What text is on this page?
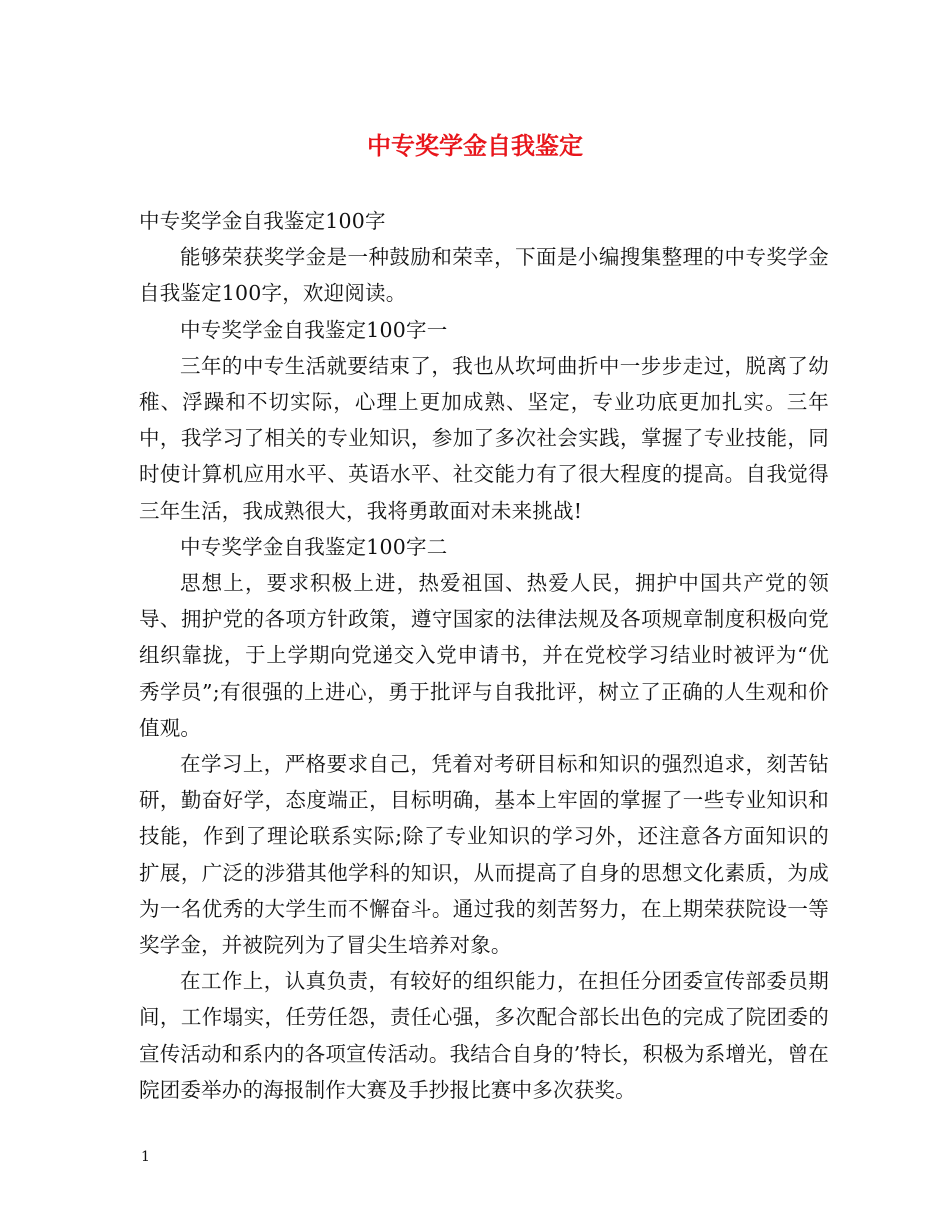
中专奖学金自我鉴定

中专奖学金自我鉴定100字

能够荣获奖学金是一种鼓励和荣幸，下面是小编搜集整理的中专奖学金自我鉴定100字，欢迎阅读。

中专奖学金自我鉴定100字一

三年的中专生活就要结束了，我也从坎坷曲折中一步步走过，脱离了幼稚、浮躁和不切实际，心理上更加成熟、坚定，专业功底更加扎实。三年中，我学习了相关的专业知识，参加了多次社会实践，掌握了专业技能，同时使计算机应用水平、英语水平、社交能力有了很大程度的提高。自我觉得三年生活，我成熟很大，我将勇敢面对未来挑战!

中专奖学金自我鉴定100字二

思想上，要求积极上进，热爱祖国、热爱人民，拥护中国共产党的领导、拥护党的各项方针政策，遵守国家的法律法规及各项规章制度积极向党组织靠拢，于上学期向党递交入党申请书，并在党校学习结业时被评为“优秀学员”;有很强的上进心，勇于批评与自我批评，树立了正确的人生观和价值观。

在学习上，严格要求自己，凭着对考研目标和知识的强烈追求，刻苦钻研，勤奋好学，态度端正，目标明确，基本上牢固的掌握了一些专业知识和技能，作到了理论联系实际;除了专业知识的学习外，还注意各方面知识的扩展，广泛的涉猎其他学科的知识，从而提高了自身的思想文化素质，为成为一名优秀的大学生而不懈奋斗。通过我的刻苦努力，在上期荣获院设一等奖学金，并被院列为了冒尖生培养对象。

在工作上，认真负责，有较好的组织能力，在担任分团委宣传部委员期间，工作塌实，任劳任怨，责任心强，多次配合部长出色的完成了院团委的宣传活动和系内的各项宣传活动。我结合自身的’特长，积极为系增光，曾在院团委举办的海报制作大赛及手抄报比赛中多次获奖。

1
